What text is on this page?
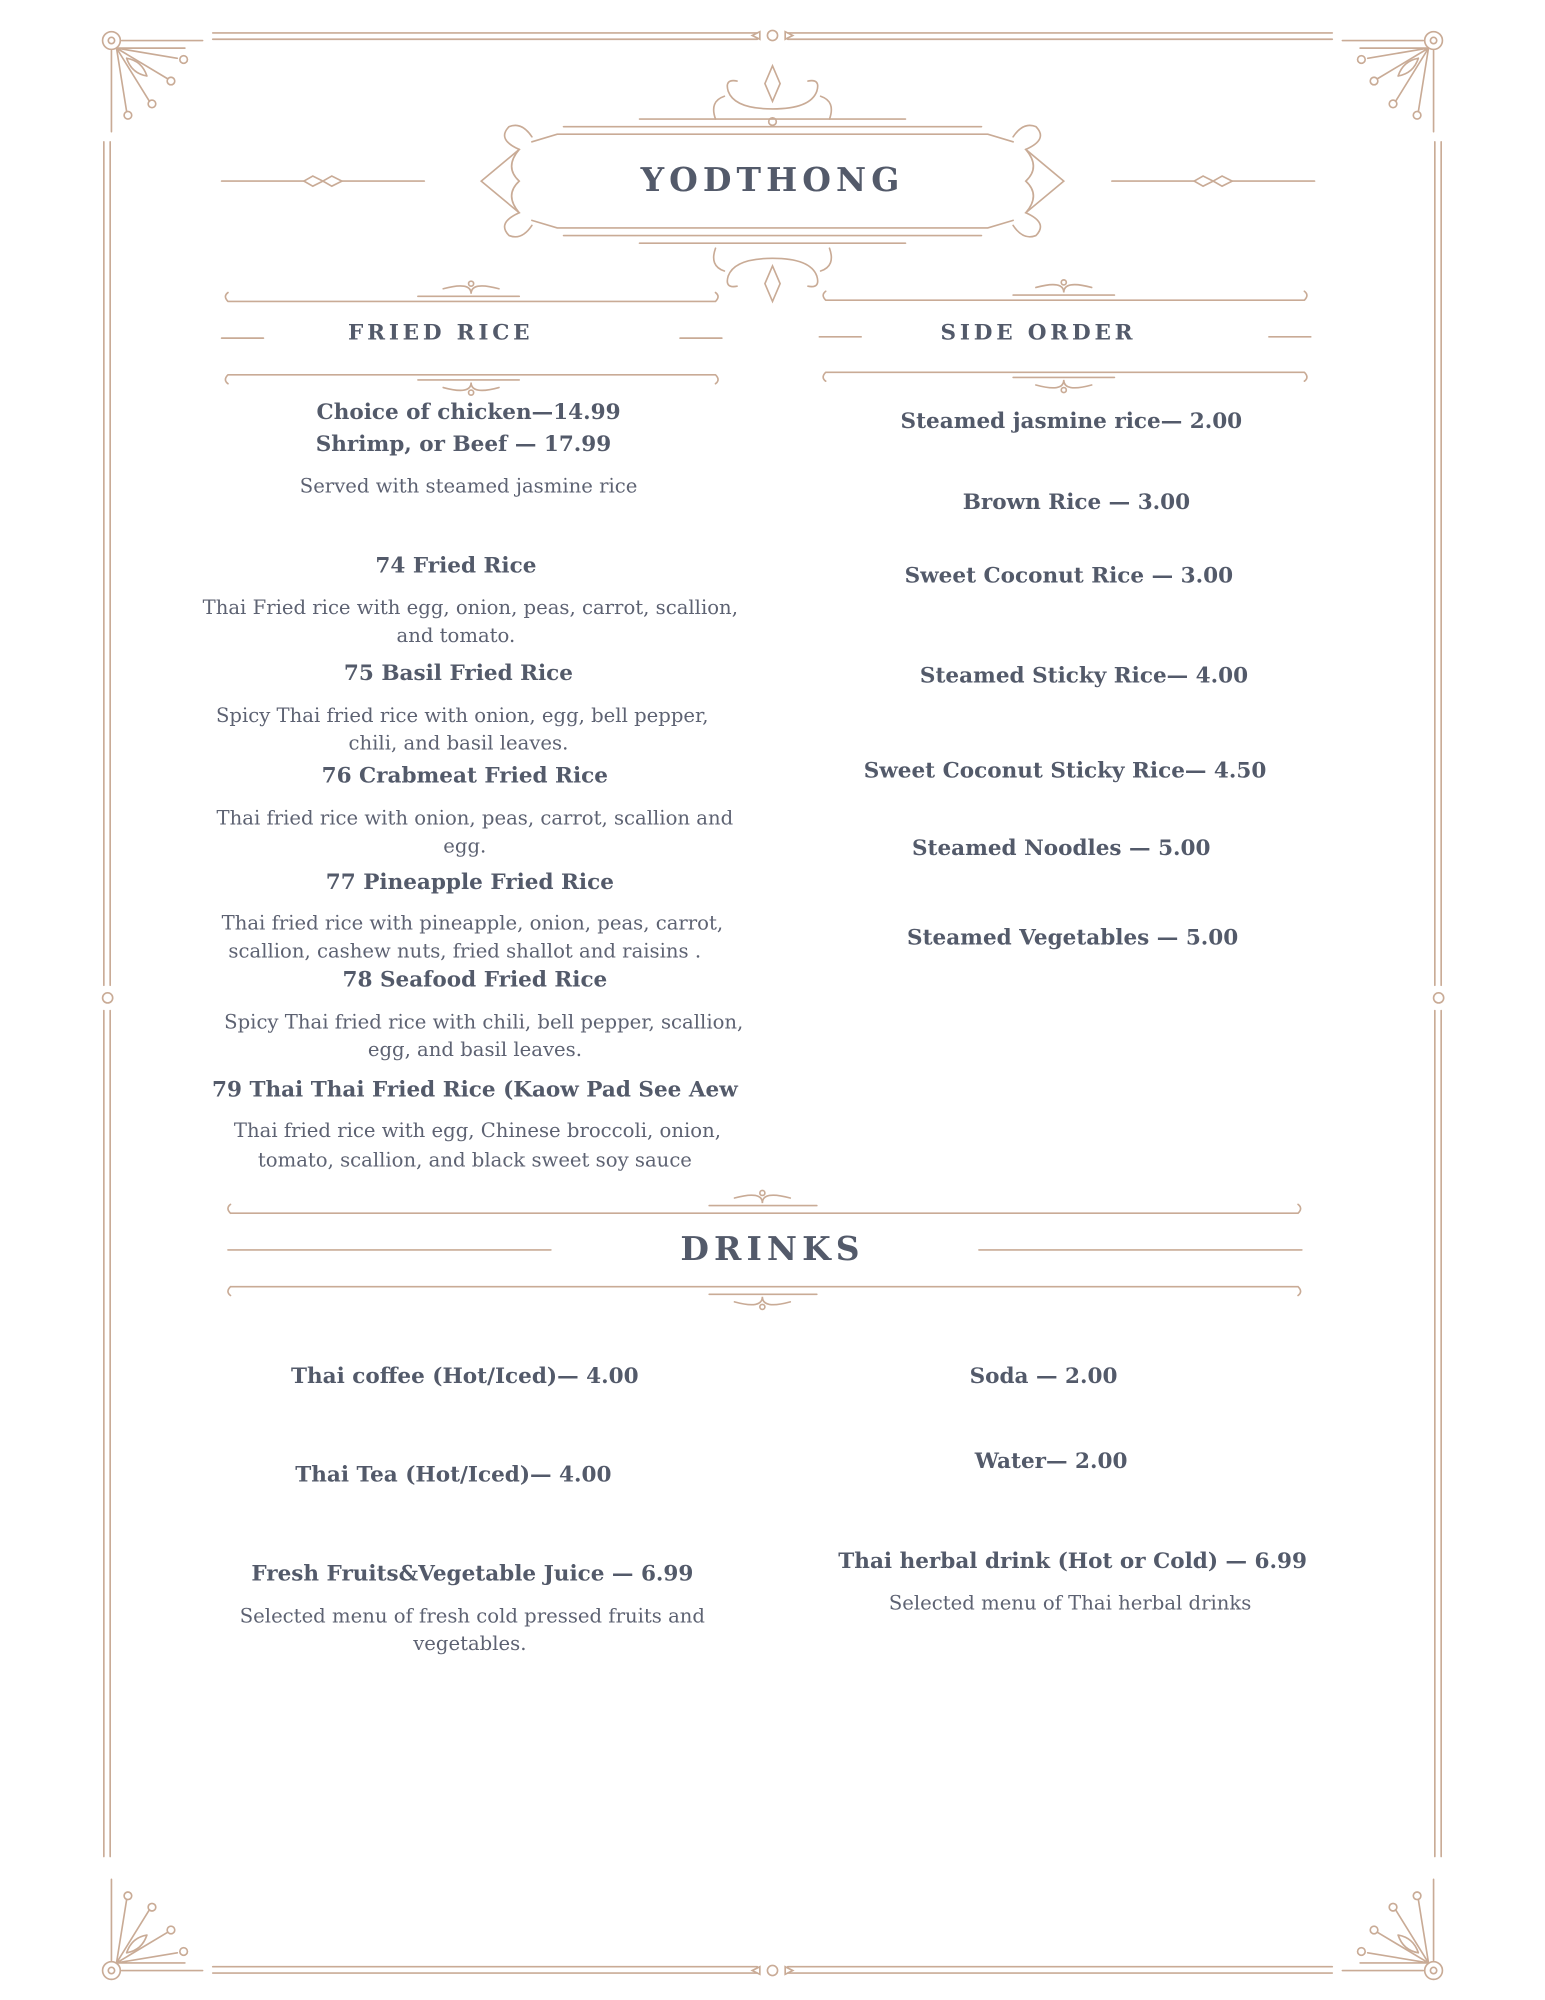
YODTHONG
FRIED RICE
Choice of chicken—14.99
Shrimp, or Beef — 17.99
Served with steamed jasmine rice
74 Fried Rice
Thai Fried rice with egg, onion, peas, carrot, scallion,
and tomato.
75 Basil Fried Rice
Spicy Thai fried rice with onion, egg, bell pepper,
chili, and basil leaves.
76 Crabmeat Fried Rice
Thai fried rice with onion, peas, carrot, scallion and
egg.
77 Pineapple Fried Rice
Thai fried rice with pineapple, onion, peas, carrot,
scallion, cashew nuts, fried shallot and raisins .
78 Seafood Fried Rice
Spicy Thai fried rice with chili, bell pepper, scallion,
egg, and basil leaves.
79 Thai Thai Fried Rice (Kaow Pad See Aew
Thai fried rice with egg, Chinese broccoli, onion,
tomato, scallion, and black sweet soy sauce
SIDE ORDER
Steamed jasmine rice— 2.00
Brown Rice — 3.00
Sweet Coconut Rice — 3.00
Steamed Sticky Rice— 4.00
Sweet Coconut Sticky Rice— 4.50
Steamed Noodles — 5.00
Steamed Vegetables — 5.00
DRINKS
Thai coffee (Hot/Iced)— 4.00
Thai Tea (Hot/Iced)— 4.00
Fresh Fruits&Vegetable Juice — 6.99
Selected menu of fresh cold pressed fruits and
vegetables.
Soda — 2.00
Water— 2.00
Thai herbal drink (Hot or Cold) — 6.99
Selected menu of Thai herbal drinks
